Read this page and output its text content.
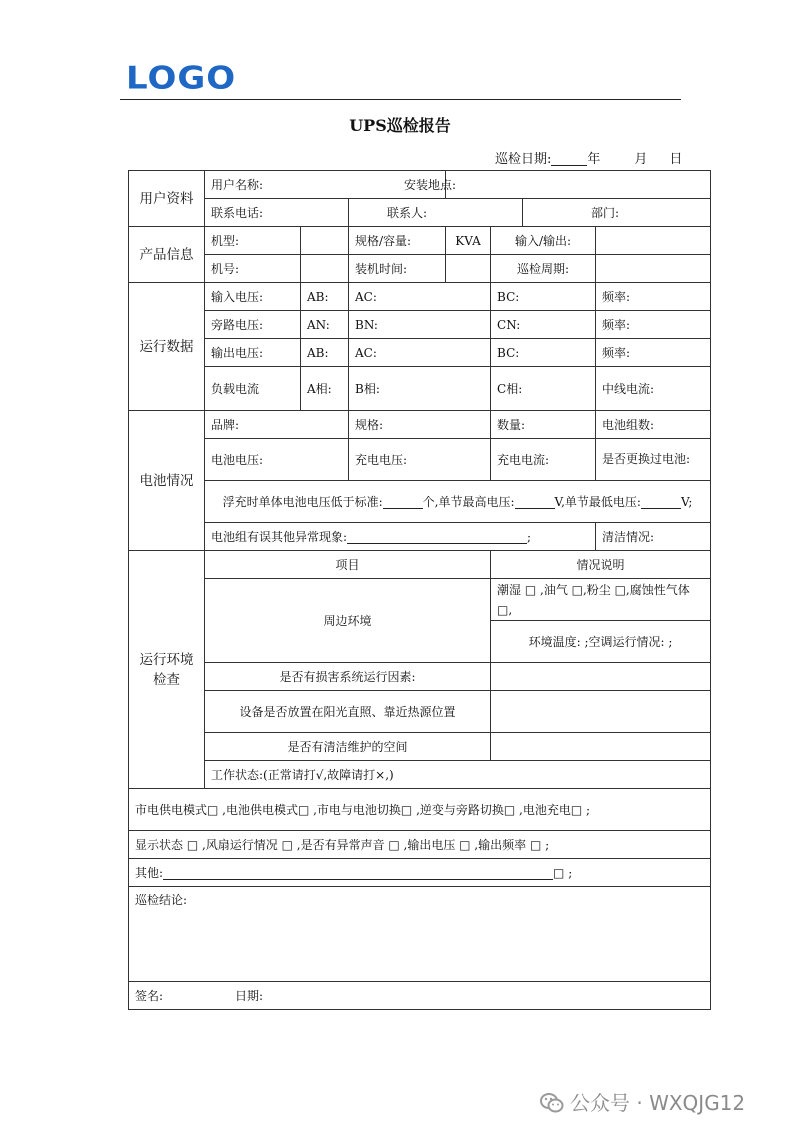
LOGO
UPS巡检报告
巡检日期:	年	月 日
用户资料	用户名称:			安装地点:			
	联系电话:		联系人:			部门:	
产品信息	机型:		规格/容量:	KVA	输入/输出:		
	机号:		装机时间:		巡检周期:		
运行数据	输入电压:	AB:	AC:		BC:		频率:
	旁路电压:	AN:	BN:		CN:		频率:
	输出电压:	AB:	AC:		BC:		频率:
	负载电流	A相:	B相:		C相:		中线电流:
电池情况	品牌:		规格:		数量:		电池组数:
	电池电压:		充电电压:		充电电流:		是否更换过电池:
	浮充时单体电池电压低于标准: 个,单节最高电压: V,单节最低电压: V;						
	电池组有误其他异常现象: ;						清洁情况:
运行环境检查	项目				情况说明		
	周边环境				潮湿 □ ,油气 □,粉尘 □,腐蚀性气体 □,		
					环境温度: ;空调运行情况: ;		
	是否有损害系统运行因素:						
	设备是否放置在阳光直照、靠近热源位置						
	是否有清洁维护的空间						
	工作状态:(正常请打√,故障请打×,)						
市电供电模式□ ,电池供电模式□ ,市电与电池切换□ ,逆变与旁路切换□ ,电池充电□ ;							
显示状态 □ ,风扇运行情况 □ ,是否有异常声音 □ ,输出电压 □ ,输出频率 □ ;							
其他: □ ;							
巡检结论:							
签名: 日期:							
公众号 · WXQJG12
